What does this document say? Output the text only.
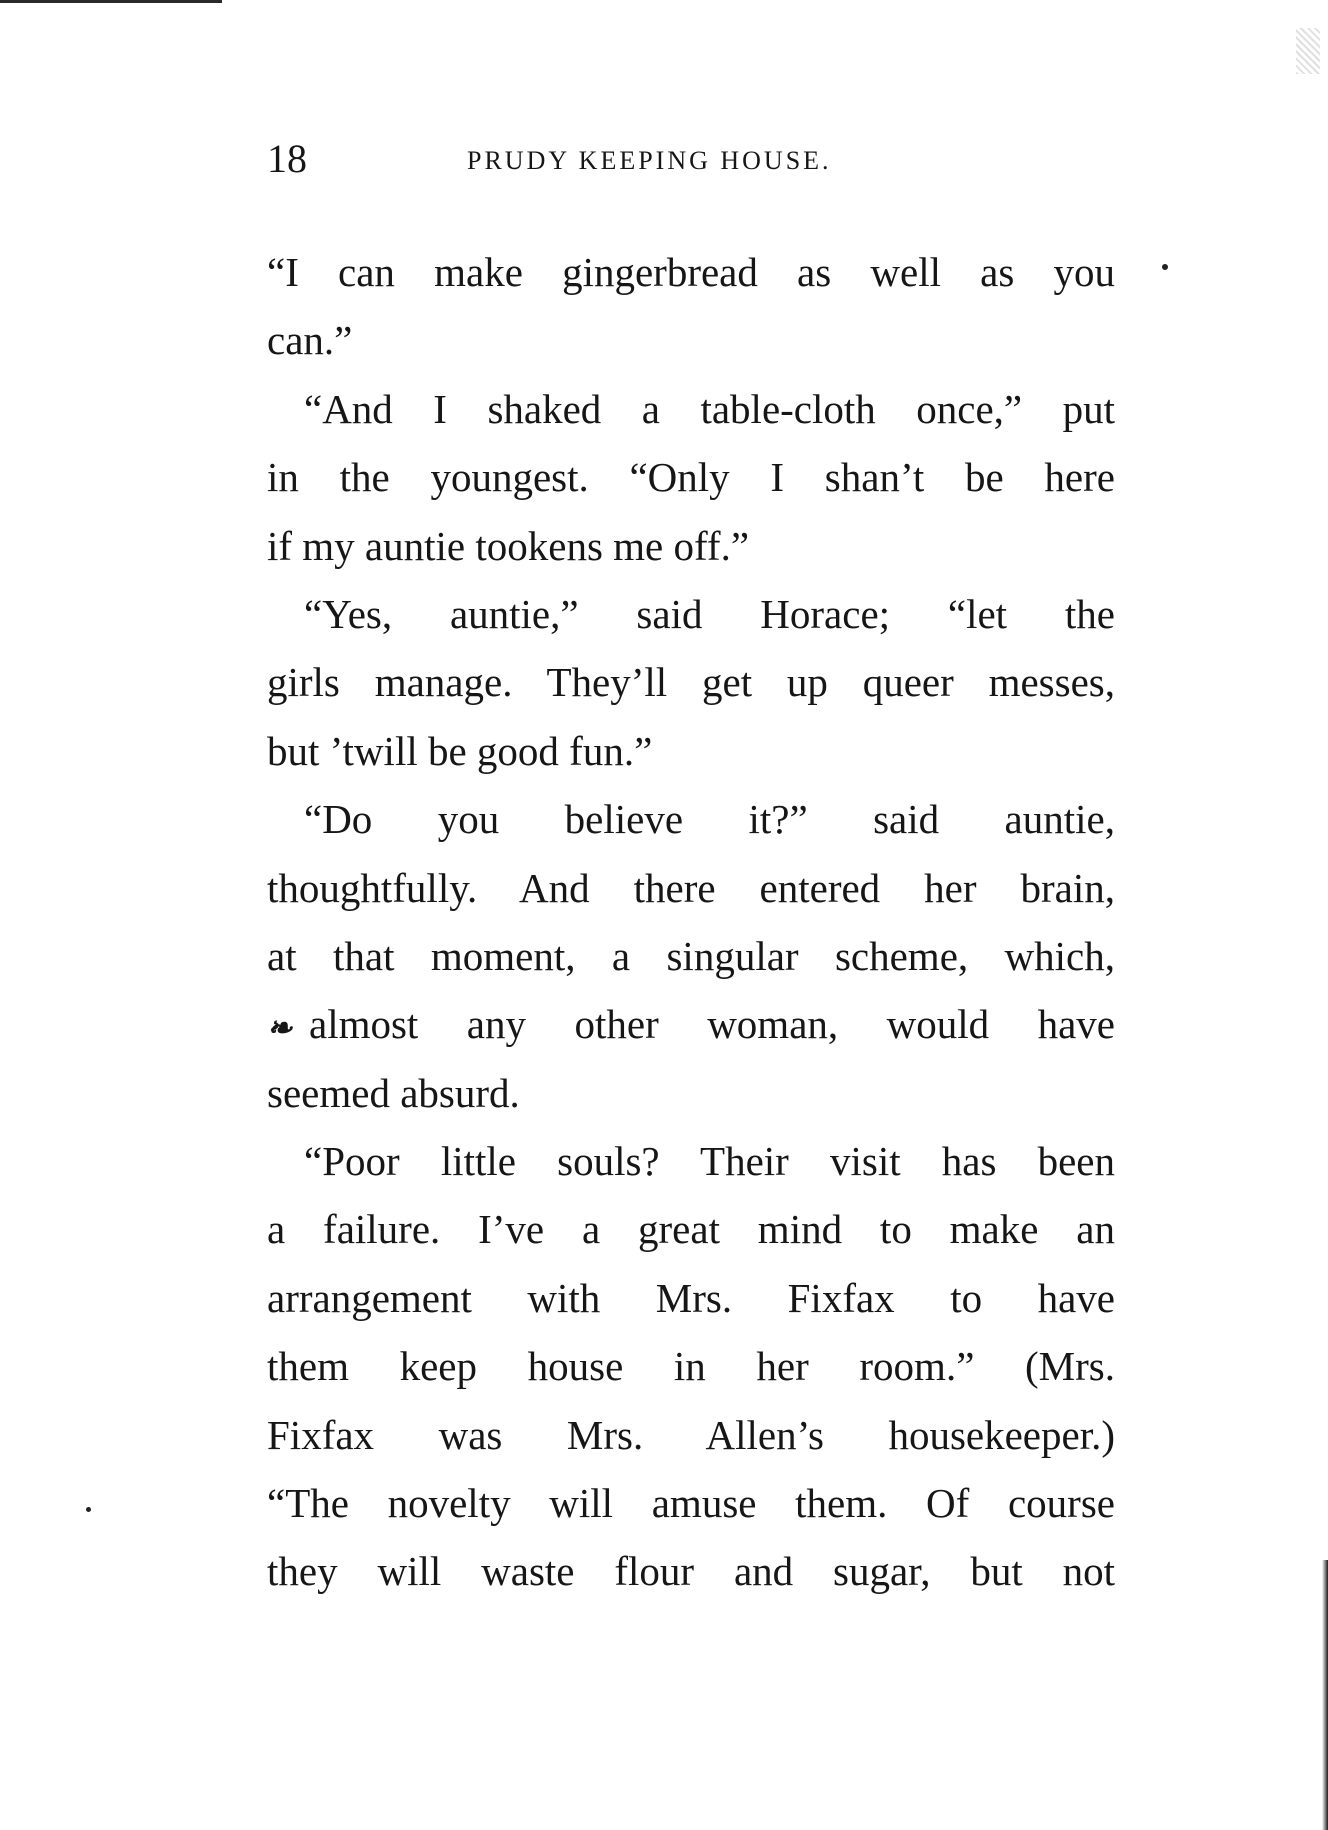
18	PRUDY KEEPING HOUSE.
“I can make gingerbread as well as you
can.”
“And I shaked a table-cloth once,” put
in the youngest. “Only I shan’t be here
if my auntie tookens me off.”
“Yes, auntie,” said Horace; “let the
girls manage. They’ll get up queer messes,
but ’twill be good fun.”
“Do you believe it?” said auntie,
thoughtfully. And there entered her brain,
at that moment, a singular scheme, which,
❧ almost any other woman, would have
seemed absurd.
“Poor little souls? Their visit has been
a failure. I’ve a great mind to make an
arrangement with Mrs. Fixfax to have
them keep house in her room.” (Mrs.
Fixfax was Mrs. Allen’s housekeeper.)
“The novelty will amuse them. Of course
they will waste flour and sugar, but not
